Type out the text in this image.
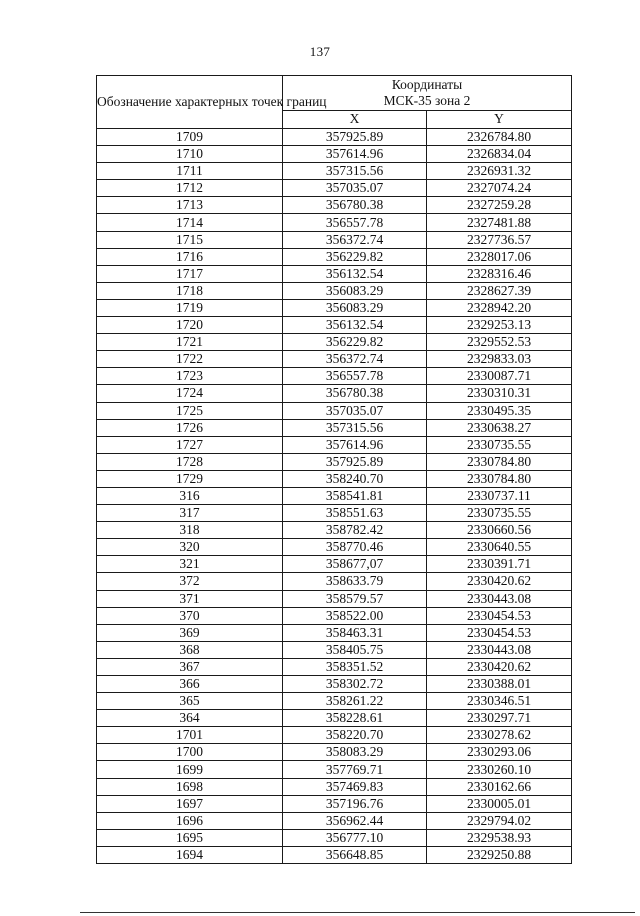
137
Обозначение характерных точек границ	Координаты
МСК-35 зона 2	
	X	Y
1709	357925.89	2326784.80
1710	357614.96	2326834.04
1711	357315.56	2326931.32
1712	357035.07	2327074.24
1713	356780.38	2327259.28
1714	356557.78	2327481.88
1715	356372.74	2327736.57
1716	356229.82	2328017.06
1717	356132.54	2328316.46
1718	356083.29	2328627.39
1719	356083.29	2328942.20
1720	356132.54	2329253.13
1721	356229.82	2329552.53
1722	356372.74	2329833.03
1723	356557.78	2330087.71
1724	356780.38	2330310.31
1725	357035.07	2330495.35
1726	357315.56	2330638.27
1727	357614.96	2330735.55
1728	357925.89	2330784.80
1729	358240.70	2330784.80
316	358541.81	2330737.11
317	358551.63	2330735.55
318	358782.42	2330660.56
320	358770.46	2330640.55
321	358677,07	2330391.71
372	358633.79	2330420.62
371	358579.57	2330443.08
370	358522.00	2330454.53
369	358463.31	2330454.53
368	358405.75	2330443.08
367	358351.52	2330420.62
366	358302.72	2330388.01
365	358261.22	2330346.51
364	358228.61	2330297.71
1701	358220.70	2330278.62
1700	358083.29	2330293.06
1699	357769.71	2330260.10
1698	357469.83	2330162.66
1697	357196.76	2330005.01
1696	356962.44	2329794.02
1695	356777.10	2329538.93
1694	356648.85	2329250.88
